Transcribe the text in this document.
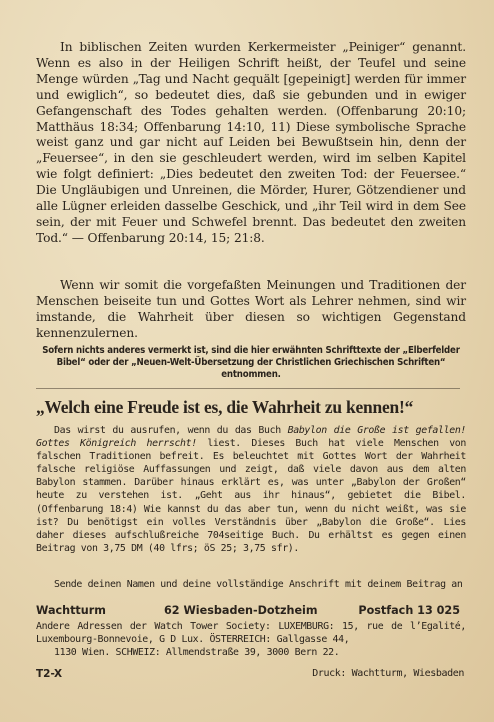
In biblischen Zeiten wurden Kerkermeister „Peiniger“ genannt. Wenn es also in der Heiligen Schrift heißt, der Teufel und seine Menge würden „Tag und Nacht gequält [gepeinigt] werden für immer und ewiglich“, so bedeutet dies, daß sie gebunden und in ewiger Gefangenschaft des Todes gehalten werden. (Offenbarung 20:10; Matthäus 18:34; Offenbarung 14:10, 11) Diese symbolische Sprache weist ganz und gar nicht auf Leiden bei Bewußtsein hin, denn der „Feuersee“, in den sie geschleudert werden, wird im selben Kapitel wie folgt definiert: „Dies bedeutet den zweiten Tod: der Feuersee.“ Die Ungläubigen und Unreinen, die Mörder, Hurer, Götzendiener und alle Lügner erleiden dasselbe Geschick, und „ihr Teil wird in dem See sein, der mit Feuer und Schwefel brennt. Das bedeutet den zweiten Tod.“ — Offenbarung 20:14, 15; 21:8.

Wenn wir somit die vorgefaßten Meinungen und Traditionen der Menschen beiseite tun und Gottes Wort als Lehrer nehmen, sind wir imstande, die Wahrheit über diesen so wichtigen Gegenstand kennenzulernen.

Sofern nichts anderes vermerkt ist, sind die hier erwähnten Schrifttexte der „Elberfelder Bibel“ oder der „Neuen-Welt-Übersetzung der Christlichen Griechischen Schriften“ entnommen.

„Welch eine Freude ist es, die Wahrheit zu kennen!“

Das wirst du ausrufen, wenn du das Buch Babylon die Große ist gefallen! Gottes Königreich herrscht! liest. Dieses Buch hat viele Menschen von falschen Traditionen befreit. Es beleuchtet mit Gottes Wort der Wahrheit falsche religiöse Auffassungen und zeigt, daß viele davon aus dem alten Babylon stammen. Darüber hinaus erklärt es, was unter „Babylon der Großen“ heute zu verstehen ist. „Geht aus ihr hinaus“, gebietet die Bibel. (Offenbarung 18:4) Wie kannst du das aber tun, wenn du nicht weißt, was sie ist? Du benötigst ein volles Verständnis über „Babylon die Große“. Lies daher dieses aufschlußreiche 704seitige Buch. Du erhältst es gegen einen Beitrag von 3,75 DM (40 lfrs; öS 25; 3,75 sfr).

Sende deinen Namen und deine vollständige Anschrift mit deinem Beitrag an

Wachtturm	62 Wiesbaden-Dotzheim	Postfach 13 025

Andere Adressen der Watch Tower Society: LUXEMBURG: 15, rue de l’Egalité, Luxembourg-Bonnevoie, G D Lux. ÖSTERREICH: Gallgasse 44,
1130 Wien. SCHWEIZ: Allmendstraße 39, 3000 Bern 22.

T2-X	Druck: Wachtturm, Wiesbaden
